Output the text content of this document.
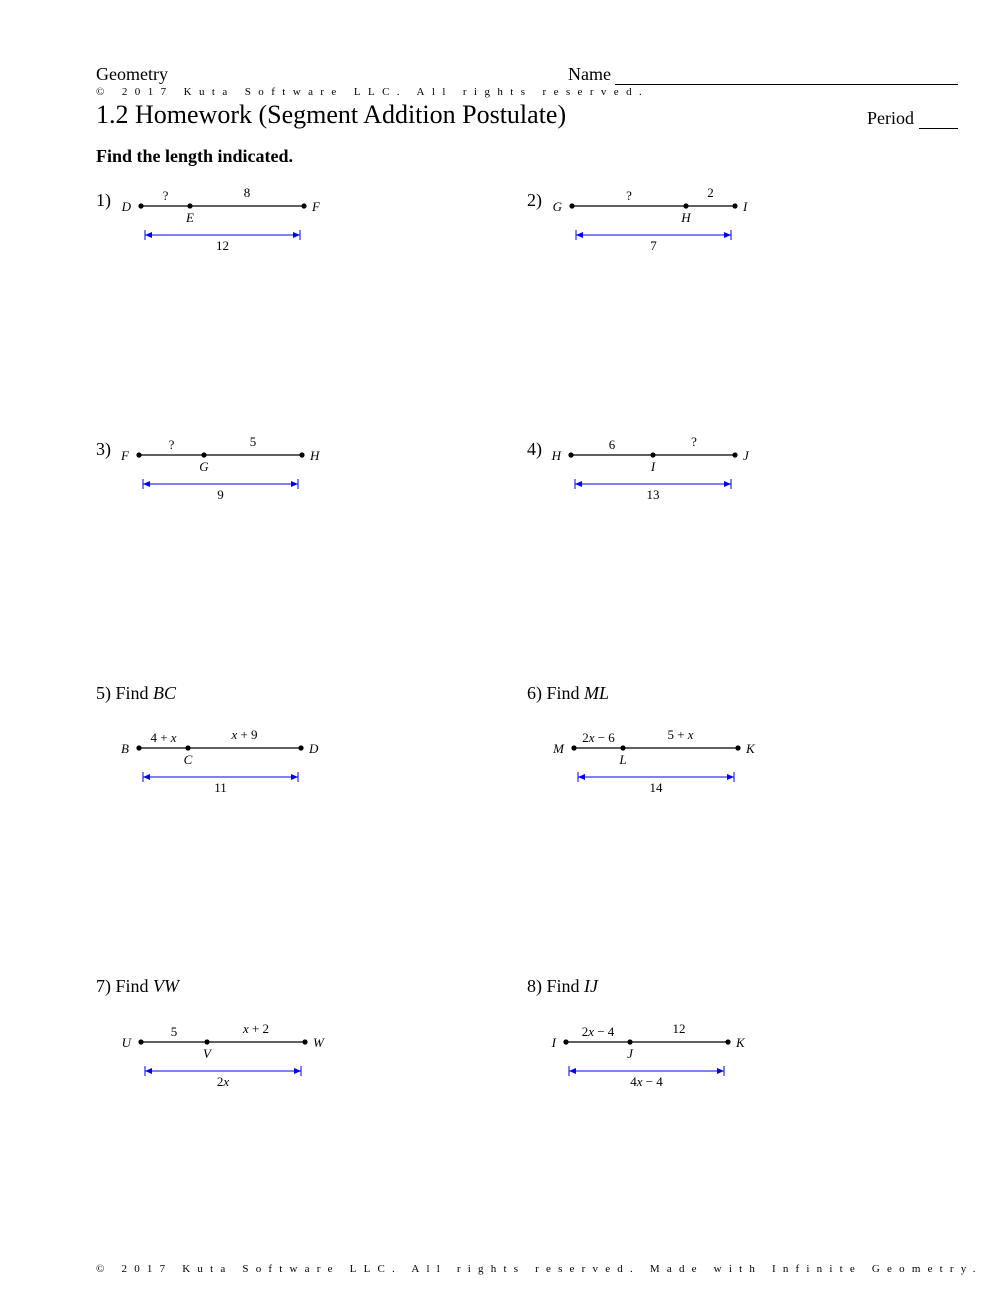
Geometry	Name
© 2017 Kuta Software LLC. All rights reserved.
1.2 Homework (Segment Addition Postulate)	Period
Find the length indicated.
1)	2)
3)	4)
5) Find BC	6) Find ML
7) Find VW	8) Find IJ
D	F
E
?	8
12
G	I
H
?	2
7
F	H
G
?	5
9
H	J
I
6	?
13
B	D
C
4 + x	x + 9
11
M	K
L
2x − 6	5 + x
14
U	W
V
5	x + 2
2x
I	K
J
2x − 4	12
4x − 4
© 2017 Kuta Software LLC. All rights reserved. Made with Infinite Geometry.
